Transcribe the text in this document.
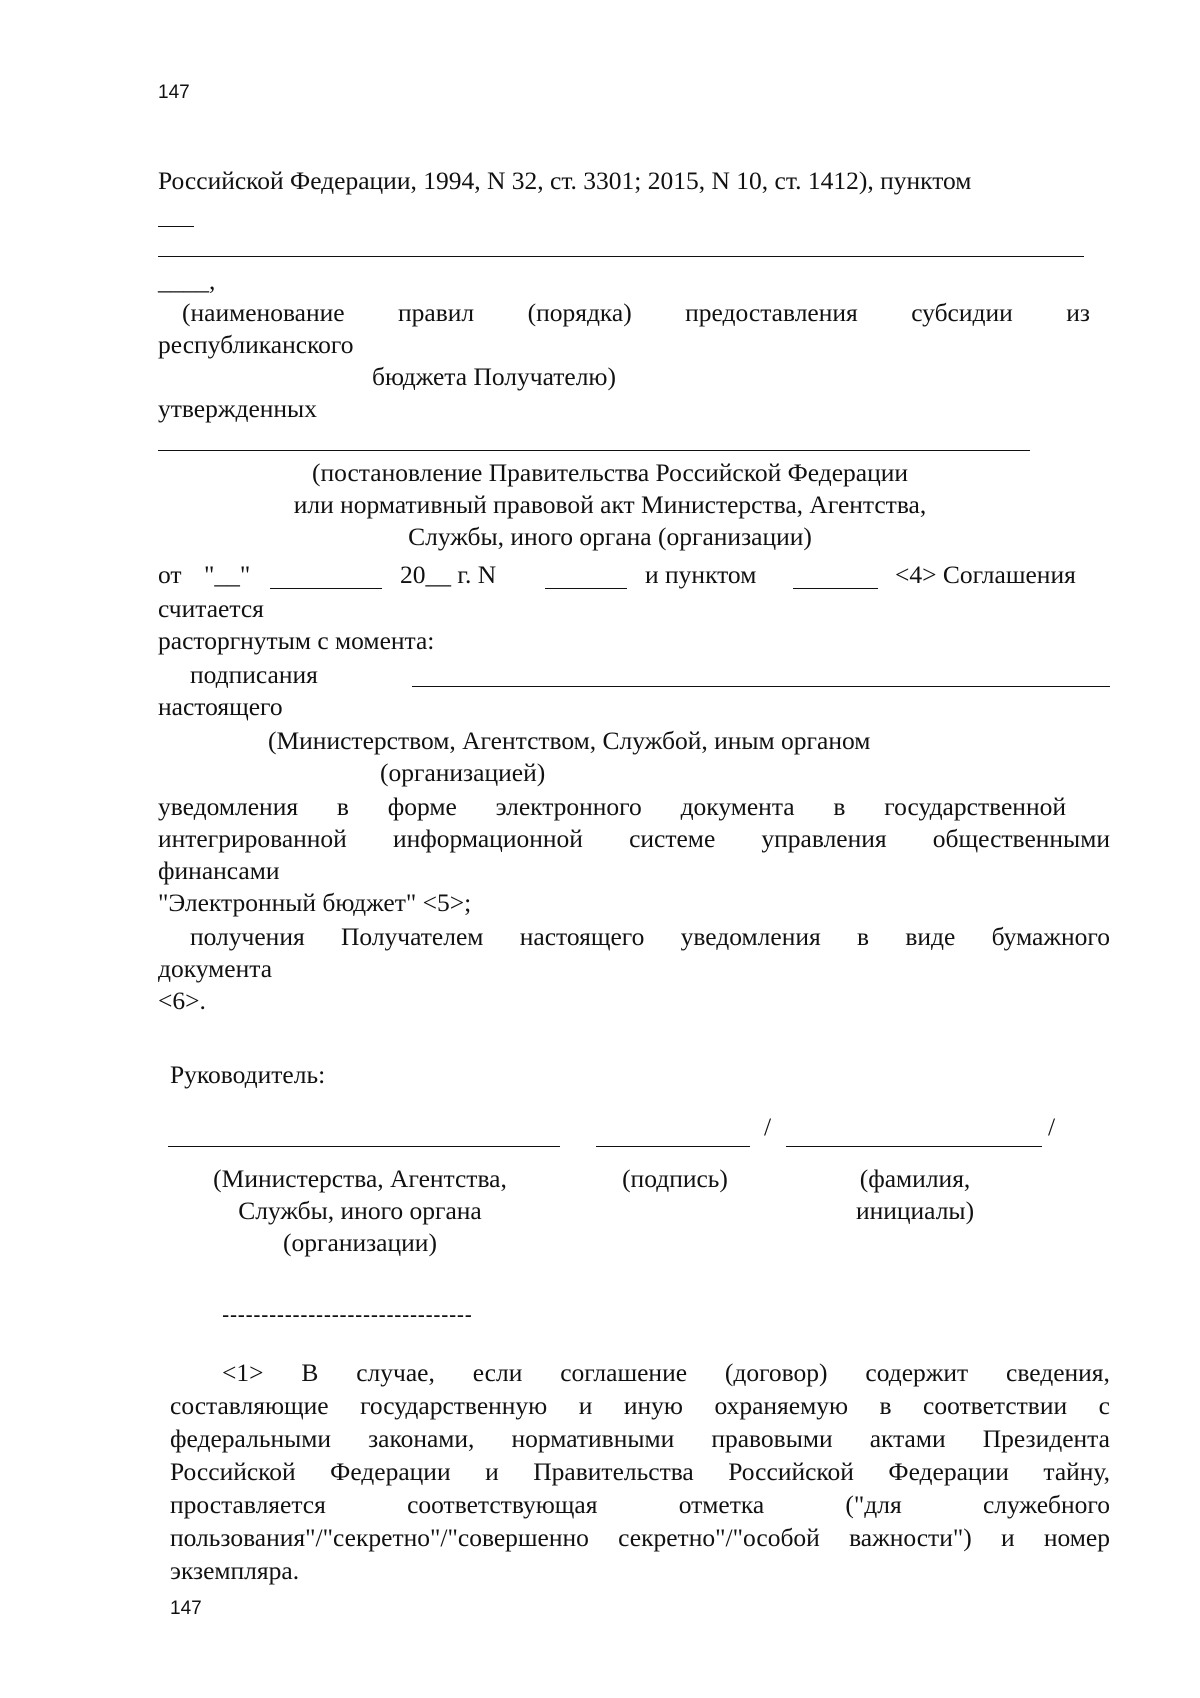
147
Российской Федерации, 1994, N 32, ст. 3301; 2015, N 10, ст. 1412), пунктом
____,
(наименование правил (порядка) предоставления субсидии из
республиканского
бюджета Получателю)
утвержденных
(постановление Правительства Российской Федерации
или нормативный правовой акт Министерства, Агентства,
Службы, иного органа (организации)
от "__"	20__ г. N	и пунктом	<4> Соглашения
считается
расторгнутым с момента:
подписания
настоящего
(Министерством, Агентством, Службой, иным органом
(организацией)
уведомления в форме электронного документа в государственной
интегрированной информационной системе управления общественными
финансами
"Электронный бюджет" <5>;
получения Получателем настоящего уведомления в виде бумажного
документа
<6>.
Руководитель:
/	/
(Министерства, Агентства,
Службы, иного органа
(организации)
(подпись)	(фамилия,
инициалы)
--------------------------------
<1> В случае, если соглашение (договор) содержит сведения,
составляющие государственную и иную охраняемую в соответствии с
федеральными законами, нормативными правовыми актами Президента
Российской Федерации и Правительства Российской Федерации тайну,
проставляется	соответствующая	отметка	("для	служебного
пользования"/"секретно"/"совершенно секретно"/"особой важности") и номер
экземпляра.
147
